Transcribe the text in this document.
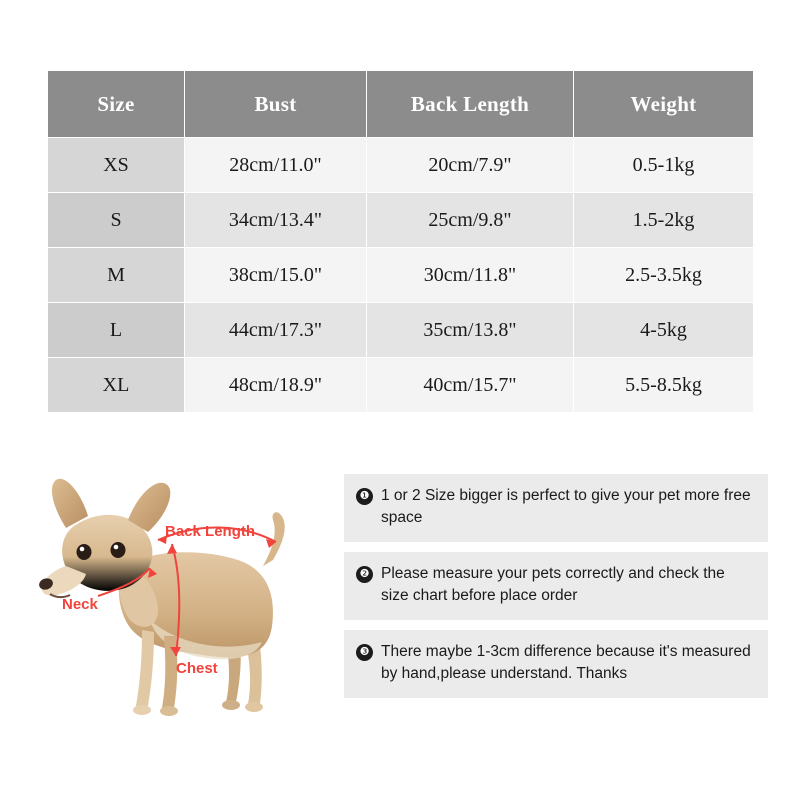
Size	Bust	Back Length	Weight
XS	28cm/11.0"	20cm/7.9"	0.5-1kg
S	34cm/13.4"	25cm/9.8"	1.5-2kg
M	38cm/15.0"	30cm/11.8"	2.5-3.5kg
L	44cm/17.3"	35cm/13.8"	4-5kg
XL	48cm/18.9"	40cm/15.7"	5.5-8.5kg
Back Length
Neck
Chest
❶ 1 or 2 Size bigger is perfect to give your pet more free space
❷ Please measure your pets correctly and check the size chart before place order
❸ There maybe 1-3cm difference because it's measured by hand,please understand. Thanks
